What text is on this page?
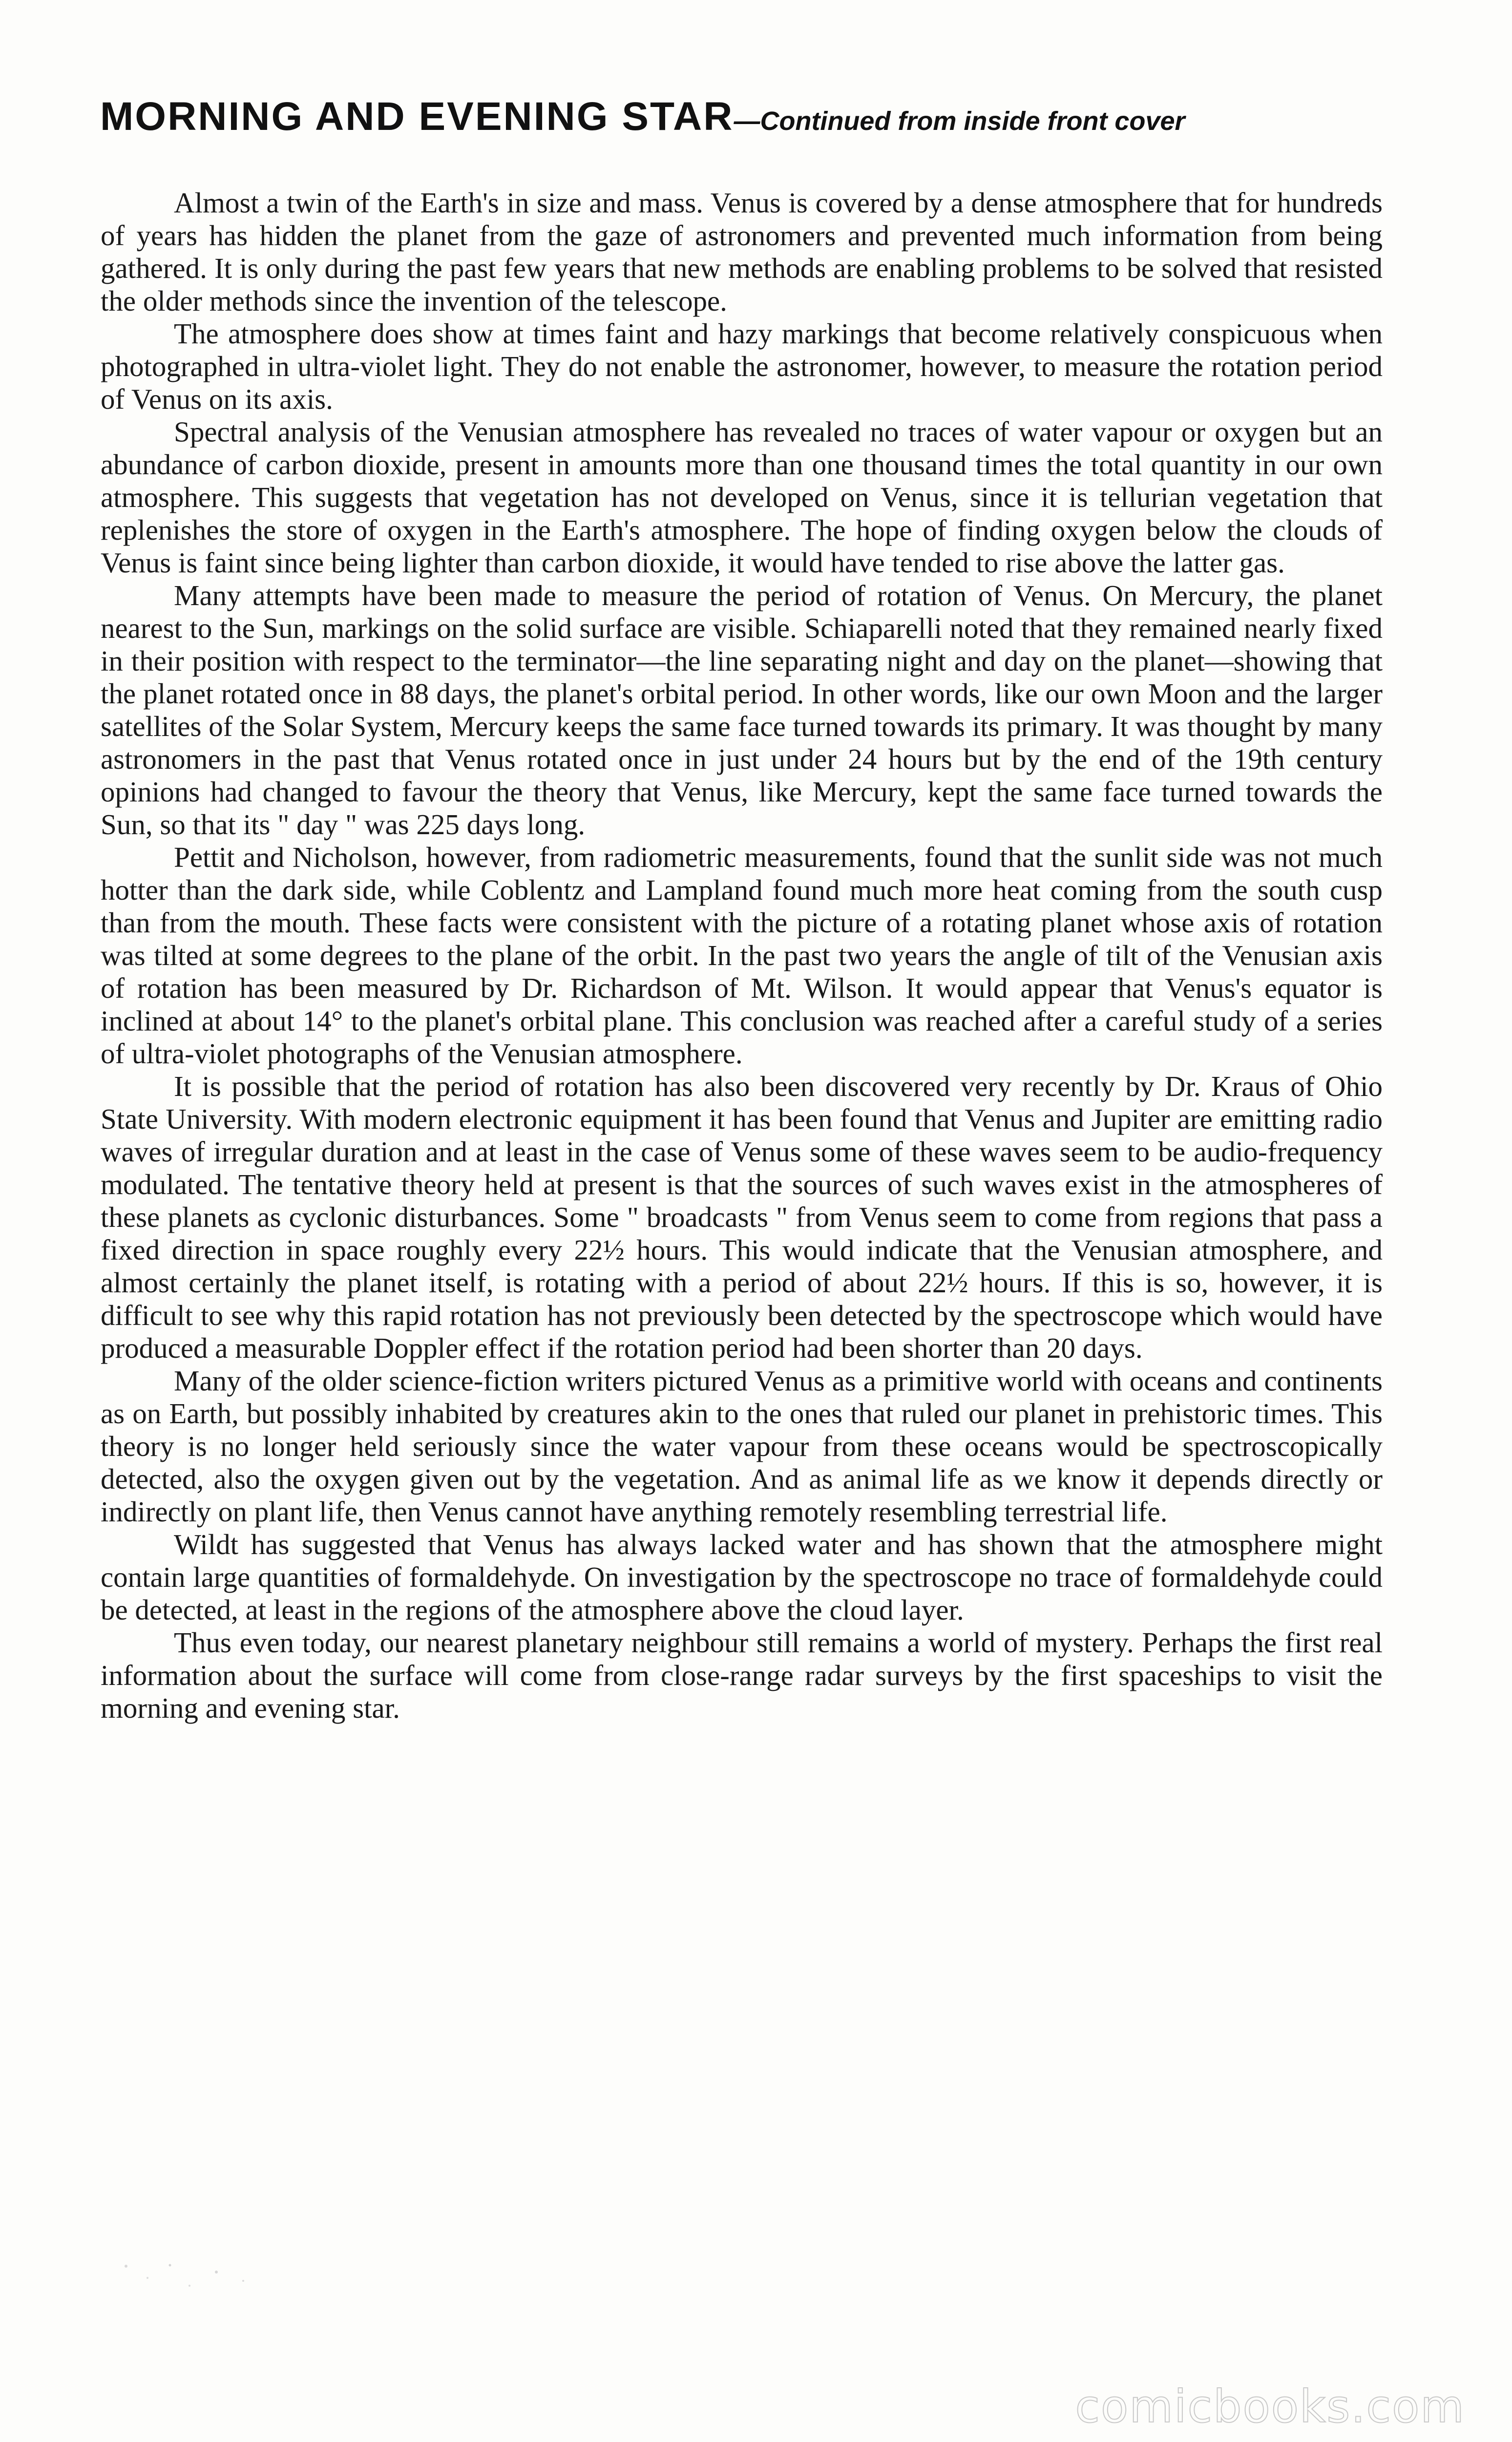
MORNING AND EVENING STAR—Continued from inside front cover

Almost a twin of the Earth's in size and mass. Venus is covered by a dense atmosphere that for hundreds of years has hidden the planet from the gaze of astronomers and prevented much information from being gathered. It is only during the past few years that new methods are enabling problems to be solved that resisted the older methods since the invention of the telescope.

The atmosphere does show at times faint and hazy markings that become relatively conspicuous when photographed in ultra-violet light. They do not enable the astronomer, however, to measure the rotation period of Venus on its axis.

Spectral analysis of the Venusian atmosphere has revealed no traces of water vapour or oxygen but an abundance of carbon dioxide, present in amounts more than one thousand times the total quantity in our own atmosphere. This suggests that vegetation has not developed on Venus, since it is tellurian vegetation that replenishes the store of oxygen in the Earth's atmosphere. The hope of finding oxygen below the clouds of Venus is faint since being lighter than carbon dioxide, it would have tended to rise above the latter gas.

Many attempts have been made to measure the period of rotation of Venus. On Mercury, the planet nearest to the Sun, markings on the solid surface are visible. Schiaparelli noted that they remained nearly fixed in their position with respect to the terminator—the line separating night and day on the planet—showing that the planet rotated once in 88 days, the planet's orbital period. In other words, like our own Moon and the larger satellites of the Solar System, Mercury keeps the same face turned towards its primary. It was thought by many astronomers in the past that Venus rotated once in just under 24 hours but by the end of the 19th century opinions had changed to favour the theory that Venus, like Mercury, kept the same face turned towards the Sun, so that its " day " was 225 days long.

Pettit and Nicholson, however, from radiometric measurements, found that the sunlit side was not much hotter than the dark side, while Coblentz and Lampland found much more heat coming from the south cusp than from the mouth. These facts were consistent with the picture of a rotating planet whose axis of rotation was tilted at some degrees to the plane of the orbit. In the past two years the angle of tilt of the Venusian axis of rotation has been measured by Dr. Richardson of Mt. Wilson. It would appear that Venus's equator is inclined at about 14° to the planet's orbital plane. This conclusion was reached after a careful study of a series of ultra-violet photographs of the Venusian atmosphere.

It is possible that the period of rotation has also been discovered very recently by Dr. Kraus of Ohio State University. With modern electronic equipment it has been found that Venus and Jupiter are emitting radio waves of irregular duration and at least in the case of Venus some of these waves seem to be audio-frequency modulated. The tentative theory held at present is that the sources of such waves exist in the atmospheres of these planets as cyclonic disturbances. Some " broadcasts " from Venus seem to come from regions that pass a fixed direction in space roughly every 22½ hours. This would indicate that the Venusian atmosphere, and almost certainly the planet itself, is rotating with a period of about 22½ hours. If this is so, however, it is difficult to see why this rapid rotation has not previously been detected by the spectroscope which would have produced a measurable Doppler effect if the rotation period had been shorter than 20 days.

Many of the older science-fiction writers pictured Venus as a primitive world with oceans and continents as on Earth, but possibly inhabited by creatures akin to the ones that ruled our planet in prehistoric times. This theory is no longer held seriously since the water vapour from these oceans would be spectroscopically detected, also the oxygen given out by the vegetation. And as animal life as we know it depends directly or indirectly on plant life, then Venus cannot have anything remotely resembling terrestrial life.

Wildt has suggested that Venus has always lacked water and has shown that the atmosphere might contain large quantities of formaldehyde. On investigation by the spectroscope no trace of formaldehyde could be detected, at least in the regions of the atmosphere above the cloud layer.

Thus even today, our nearest planetary neighbour still remains a world of mystery. Perhaps the first real information about the surface will come from close-range radar surveys by the first spaceships to visit the morning and evening star.

comicbooks.com
